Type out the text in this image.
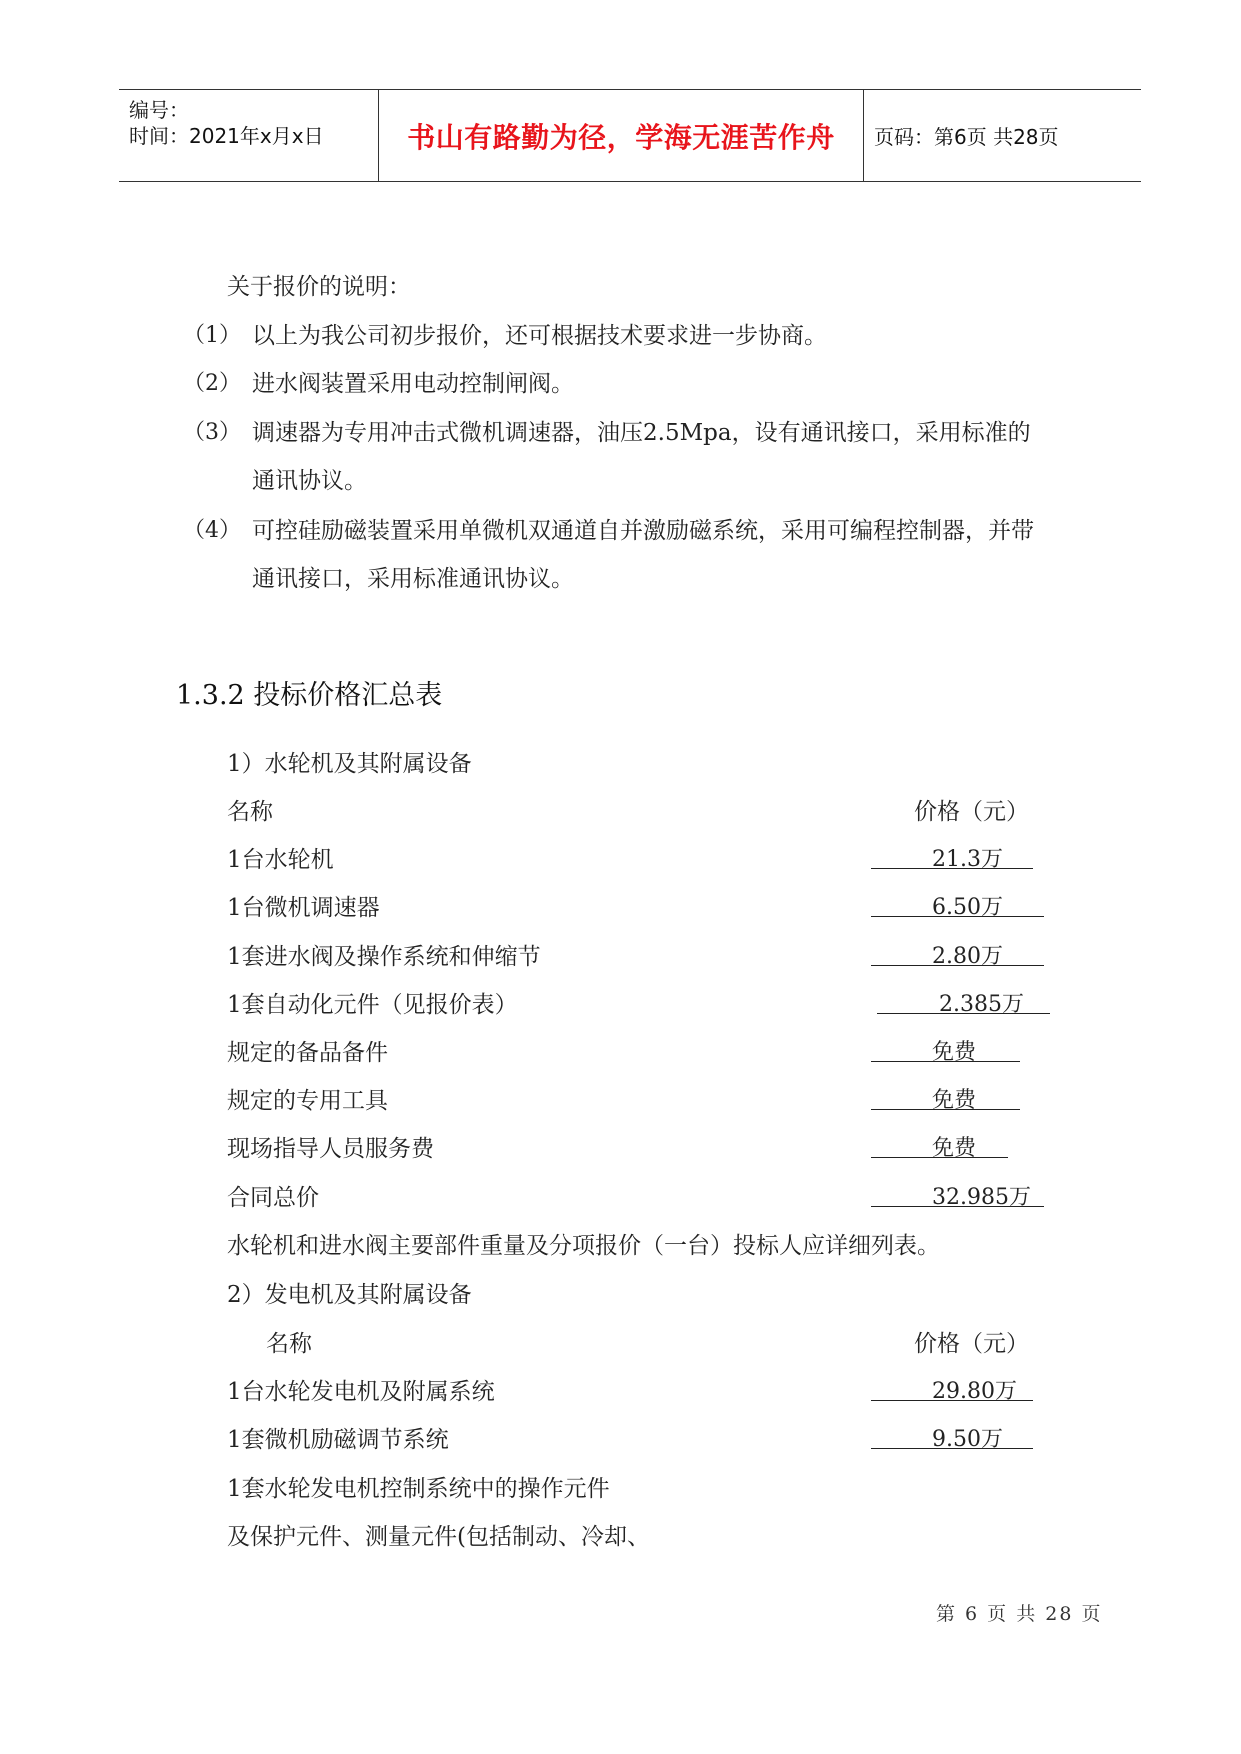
编号：
时间：2021年x月x日	书山有路勤为径，学海无涯苦作舟 页码：第6页 共28页
关于报价的说明：
（1） 以上为我公司初步报价，还可根据技术要求进一步协商。
（2） 进水阀装置采用电动控制闸阀。
（3） 调速器为专用冲击式微机调速器，油压2.5Mpa，设有通讯接口，采用标准的
通讯协议。
（4） 可控硅励磁装置采用单微机双通道自并激励磁系统，采用可编程控制器，并带
通讯接口，采用标准通讯协议。
1.3.2 投标价格汇总表
1）水轮机及其附属设备
名称	价格（元）
1台水轮机	21.3万
1台微机调速器	6.50万
1套进水阀及操作系统和伸缩节	2.80万
1套自动化元件（见报价表）	2.385万
规定的备品备件	免费
规定的专用工具	免费
现场指导人员服务费	免费
合同总价	32.985万
水轮机和进水阀主要部件重量及分项报价（一台）投标人应详细列表。
2）发电机及其附属设备
名称	价格（元）
1台水轮发电机及附属系统	29.80万
1套微机励磁调节系统	9.50万
1套水轮发电机控制系统中的操作元件
及保护元件、测量元件(包括制动、冷却、
第 6 页 共 28 页
